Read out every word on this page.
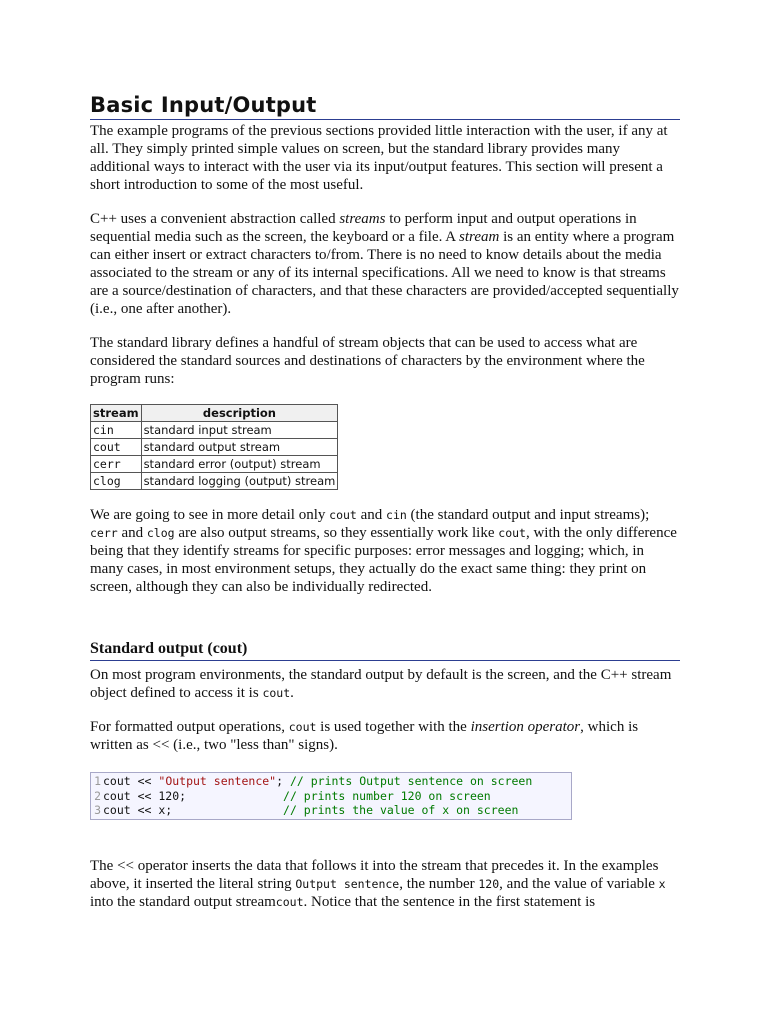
Basic Input/Output

The example programs of the previous sections provided little interaction with the user, if any at all. They simply printed simple values on screen, but the standard library provides many additional ways to interact with the user via its input/output features. This section will present a short introduction to some of the most useful.

C++ uses a convenient abstraction called streams to perform input and output operations in sequential media such as the screen, the keyboard or a file. A stream is an entity where a program can either insert or extract characters to/from. There is no need to know details about the media associated to the stream or any of its internal specifications. All we need to know is that streams are a source/destination of characters, and that these characters are provided/accepted sequentially (i.e., one after another).

The standard library defines a handful of stream objects that can be used to access what are considered the standard sources and destinations of characters by the environment where the program runs:

stream	description
cin	standard input stream
cout	standard output stream
cerr	standard error (output) stream
clog	standard logging (output) stream

We are going to see in more detail only cout and cin (the standard output and input streams); cerr and clog are also output streams, so they essentially work like cout, with the only difference being that they identify streams for specific purposes: error messages and logging; which, in many cases, in most environment setups, they actually do the exact same thing: they print on screen, although they can also be individually redirected.

Standard output (cout)

On most program environments, the standard output by default is the screen, and the C++ stream object defined to access it is cout.

For formatted output operations, cout is used together with the insertion operator, which is written as << (i.e., two "less than" signs).

1 cout << "Output sentence"; // prints Output sentence on screen
2 cout << 120;              // prints number 120 on screen
3 cout << x;                // prints the value of x on screen

The << operator inserts the data that follows it into the stream that precedes it. In the examples above, it inserted the literal string Output sentence, the number 120, and the value of variable x into the standard output streamcout. Notice that the sentence in the first statement is
